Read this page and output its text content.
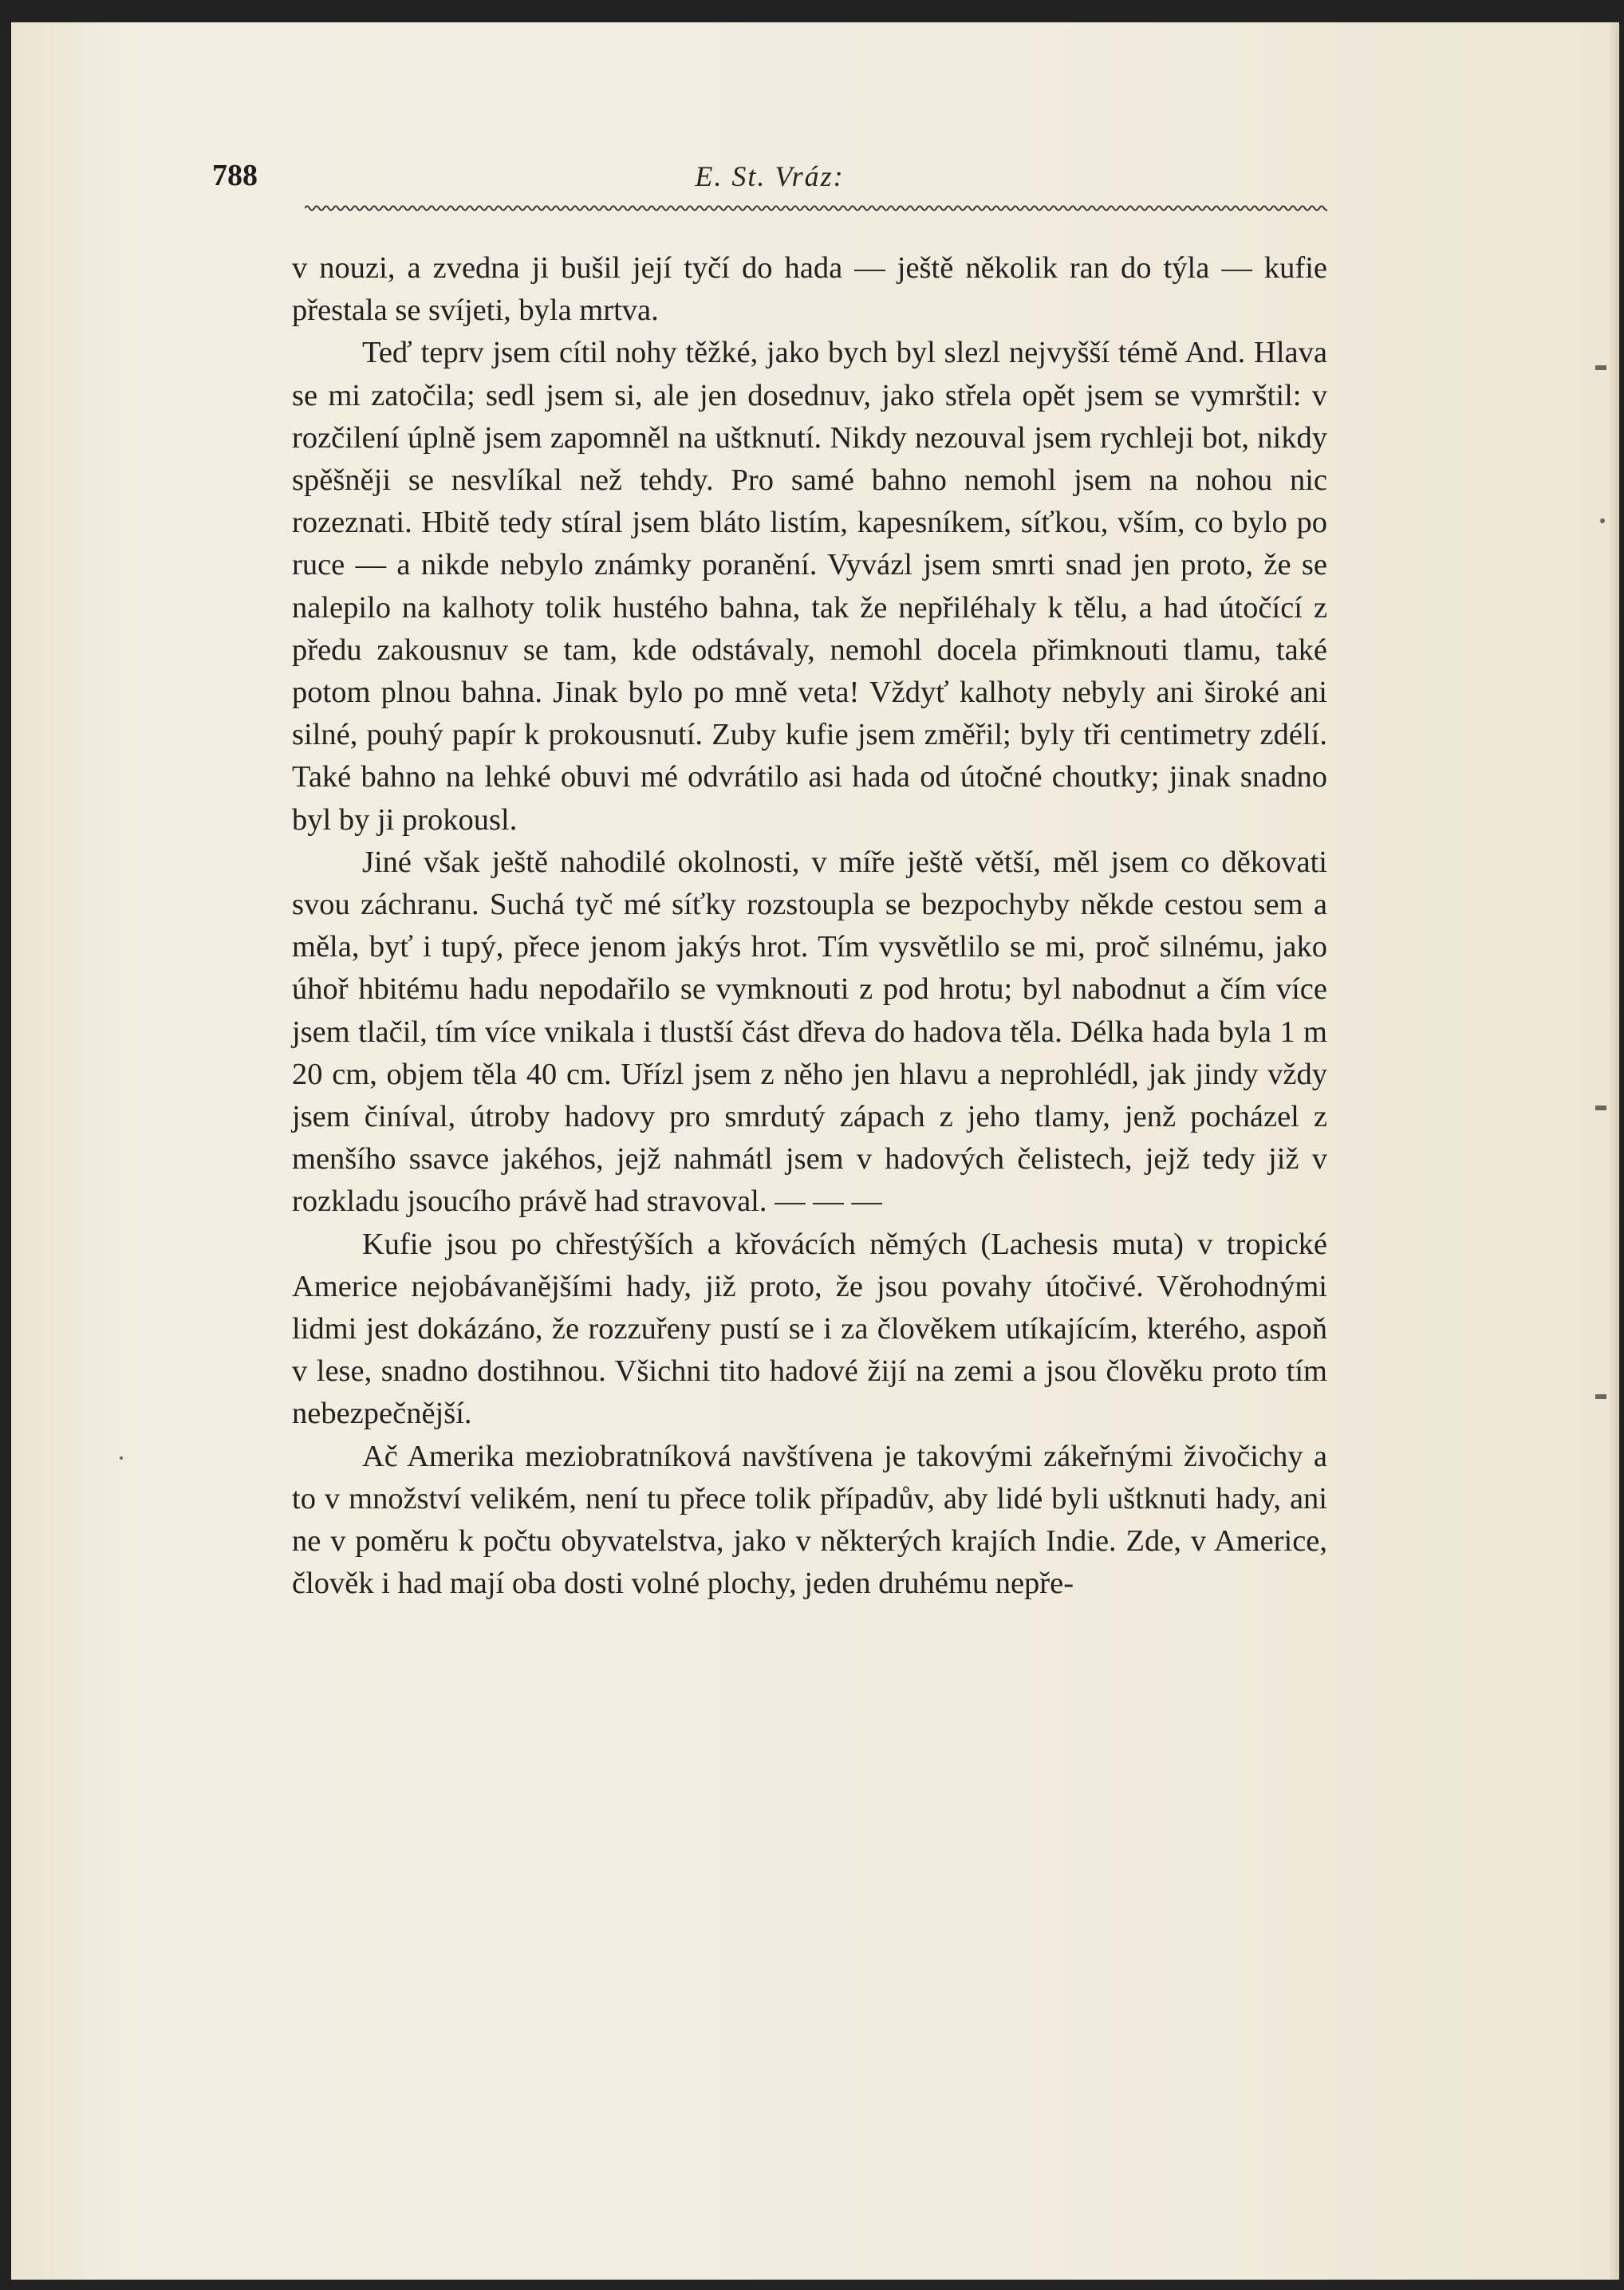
788	E. St. Vráz:

v nouzi, a zvedna ji bušil její tyčí do hada — ještě několik ran do týla — kufie přestala se svíjeti, byla mrtva.

Teď teprv jsem cítil nohy těžké, jako bych byl slezl nejvyšší témě And. Hlava se mi zatočila; sedl jsem si, ale jen dosednuv, jako střela opět jsem se vymrštil: v rozčilení úplně jsem zapomněl na uštknutí. Nikdy nezouval jsem rychleji bot, nikdy spěšněji se nesvlíkal než tehdy. Pro samé bahno nemohl jsem na nohou nic rozeznati. Hbitě tedy stíral jsem bláto listím, kapesníkem, síťkou, vším, co bylo po ruce — a nikde nebylo známky poranění. Vyvázl jsem smrti snad jen proto, že se nalepilo na kalhoty tolik hustého bahna, tak že nepřiléhaly k tělu, a had útočící z předu zakousnuv se tam, kde odstávaly, nemohl docela přimknouti tlamu, také potom plnou bahna. Jinak bylo po mně veta! Vždyť kalhoty nebyly ani široké ani silné, pouhý papír k prokousnutí. Zuby kufie jsem změřil; byly tři centimetry zdélí. Také bahno na lehké obuvi mé odvrátilo asi hada od útočné choutky; jinak snadno byl by ji prokousl.

Jiné však ještě nahodilé okolnosti, v míře ještě větší, měl jsem co děkovati svou záchranu. Suchá tyč mé síťky rozstoupla se bezpochyby někde cestou sem a měla, byť i tupý, přece jenom jakýs hrot. Tím vysvětlilo se mi, proč silnému, jako úhoř hbitému hadu nepodařilo se vymknouti z pod hrotu; byl nabodnut a čím více jsem tlačil, tím více vnikala i tlustší část dřeva do hadova těla. Délka hada byla 1 m 20 cm, objem těla 40 cm. Uřízl jsem z něho jen hlavu a neprohlédl, jak jindy vždy jsem činíval, útroby hadovy pro smrdutý zápach z jeho tlamy, jenž pocházel z menšího ssavce jakéhos, jejž nahmátl jsem v hadových čelistech, jejž tedy již v rozkladu jsoucího právě had stravoval. — — —

Kufie jsou po chřestýších a křovácích němých (Lachesis muta) v tropické Americe nejobávanějšími hady, již proto, že jsou povahy útočivé. Věrohodnými lidmi jest dokázáno, že rozzuřeny pustí se i za člověkem utíkajícím, kterého, aspoň v lese, snadno dostihnou. Všichni tito hadové žijí na zemi a jsou člověku proto tím nebezpečnější.

Ač Amerika meziobratníková navštívena je takovými zákeřnými živočichy a to v množství velikém, není tu přece tolik případův, aby lidé byli uštknuti hady, ani ne v poměru k počtu obyvatelstva, jako v některých krajích Indie. Zde, v Americe, člověk i had mají oba dosti volné plochy, jeden druhému nepře-
